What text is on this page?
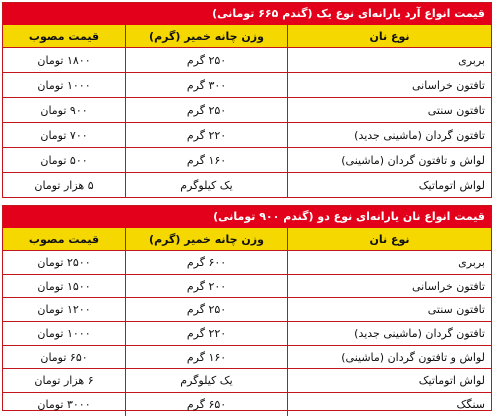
قیمت انواع آرد یارانه‌ای نوع یک (گندم ۶۶۵ تومانی)
نوع نان
وزن چانه خمیر (گرم)
قیمت مصوب
بربری
۲۵۰ گرم
۱۸۰۰ تومان
تافتون خراسانی
۳۰۰ گرم
۱۰۰۰ تومان
تافتون سنتی
۲۵۰ گرم
۹۰۰ تومان
تافتون گردان (ماشینی جدید)
۲۲۰ گرم
۷۰۰ تومان
لواش و تافتون گردان (ماشینی)
۱۶۰ گرم
۵۰۰ تومان
لواش اتوماتیک
یک کیلوگرم
۵ هزار تومان
قیمت انواع نان یارانه‌ای نوع دو (گندم ۹۰۰ تومانی)
نوع نان
وزن چانه خمیر (گرم)
قیمت مصوب
بربری
۶۰۰ گرم
۲۵۰۰ تومان
تافتون خراسانی
۲۰۰ گرم
۱۵۰۰ تومان
تافتون سنتی
۲۵۰ گرم
۱۲۰۰ تومان
تافتون گردان (ماشینی جدید)
۲۲۰ گرم
۱۰۰۰ تومان
لواش و تافتون گردان (ماشینی)
۱۶۰ گرم
۶۵۰ تومان
لواش اتوماتیک
یک کیلوگرم
۶ هزار تومان
سنگک
۶۵۰ گرم
۳۰۰۰ تومان
